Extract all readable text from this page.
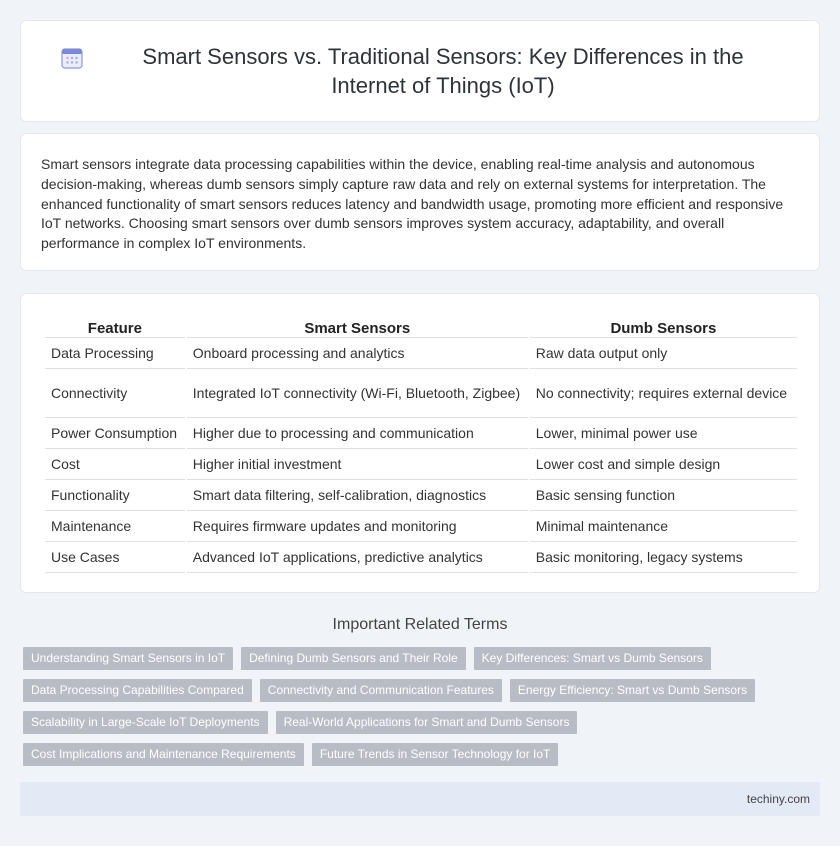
Smart Sensors vs. Traditional Sensors: Key Differences in the Internet of Things (IoT)

Smart sensors integrate data processing capabilities within the device, enabling real-time analysis and autonomous decision-making, whereas dumb sensors simply capture raw data and rely on external systems for interpretation. The enhanced functionality of smart sensors reduces latency and bandwidth usage, promoting more efficient and responsive IoT networks. Choosing smart sensors over dumb sensors improves system accuracy, adaptability, and overall performance in complex IoT environments.

Feature	Smart Sensors	Dumb Sensors
Data Processing	Onboard processing and analytics	Raw data output only
Connectivity	Integrated IoT connectivity (Wi-Fi, Bluetooth, Zigbee)	No connectivity; requires external device
Power Consumption	Higher due to processing and communication	Lower, minimal power use
Cost	Higher initial investment	Lower cost and simple design
Functionality	Smart data filtering, self-calibration, diagnostics	Basic sensing function
Maintenance	Requires firmware updates and monitoring	Minimal maintenance
Use Cases	Advanced IoT applications, predictive analytics	Basic monitoring, legacy systems
Important Related Terms
Understanding Smart Sensors in IoT	Defining Dumb Sensors and Their Role	Key Differences: Smart vs Dumb Sensors
Data Processing Capabilities Compared	Connectivity and Communication Features	Energy Efficiency: Smart vs Dumb Sensors
Scalability in Large-Scale IoT Deployments	Real-World Applications for Smart and Dumb Sensors
Cost Implications and Maintenance Requirements	Future Trends in Sensor Technology for IoT
techiny.com
